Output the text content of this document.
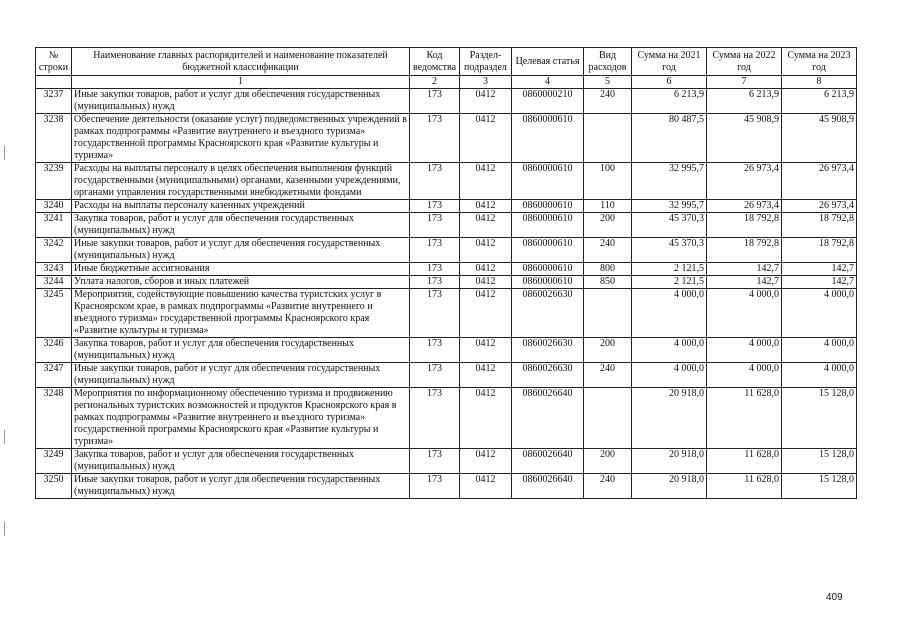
№ строки	Наименование главных распорядителей и наименование показателей бюджетной классификации	Код ведомства	Раздел-подраздел	Целевая статья	Вид расходов	Сумма на 2021 год	Сумма на 2022 год	Сумма на 2023 год
	1	2	3	4	5	6	7	8
3237	Иные закупки товаров, работ и услуг для обеспечения государственных (муниципальных) нужд	173	0412	0860000210	240	6 213,9	6 213,9	6 213,9
3238	Обеспечение деятельности (оказание услуг) подведомственных учреждений в рамках подпрограммы «Развитие внутреннего и въездного туризма» государственной программы Красноярского края «Развитие культуры и туризма»	173	0412	0860000610		80 487,5	45 908,9	45 908,9
3239	Расходы на выплаты персоналу в целях обеспечения выполнения функций государственными (муниципальными) органами, казенными учреждениями, органами управления государственными внебюджетными фондами	173	0412	0860000610	100	32 995,7	26 973,4	26 973,4
3240	Расходы на выплаты персоналу казенных учреждений	173	0412	0860000610	110	32 995,7	26 973,4	26 973,4
3241	Закупка товаров, работ и услуг для обеспечения государственных (муниципальных) нужд	173	0412	0860000610	200	45 370,3	18 792,8	18 792,8
3242	Иные закупки товаров, работ и услуг для обеспечения государственных (муниципальных) нужд	173	0412	0860000610	240	45 370,3	18 792,8	18 792,8
3243	Иные бюджетные ассигнования	173	0412	0860000610	800	2 121,5	142,7	142,7
3244	Уплата налогов, сборов и иных платежей	173	0412	0860000610	850	2 121,5	142,7	142,7
3245	Мероприятия, содействующие повышению качества туристских услуг в Красноярском крае, в рамках подпрограммы «Развитие внутреннего и въездного туризма» государственной программы Красноярского края «Развитие культуры и туризма»	173	0412	0860026630		4 000,0	4 000,0	4 000,0
3246	Закупка товаров, работ и услуг для обеспечения государственных (муниципальных) нужд	173	0412	0860026630	200	4 000,0	4 000,0	4 000,0
3247	Иные закупки товаров, работ и услуг для обеспечения государственных (муниципальных) нужд	173	0412	0860026630	240	4 000,0	4 000,0	4 000,0
3248	Мероприятия по информационному обеспечению туризма и продвижению региональных туристских возможностей и продуктов Красноярского края в рамках подпрограммы «Развитие внутреннего и въездного туризма» государственной программы Красноярского края «Развитие культуры и туризма»	173	0412	0860026640		20 918,0	11 628,0	15 128,0
3249	Закупка товаров, работ и услуг для обеспечения государственных (муниципальных) нужд	173	0412	0860026640	200	20 918,0	11 628,0	15 128,0
3250	Иные закупки товаров, работ и услуг для обеспечения государственных (муниципальных) нужд	173	0412	0860026640	240	20 918,0	11 628,0	15 128,0
409
